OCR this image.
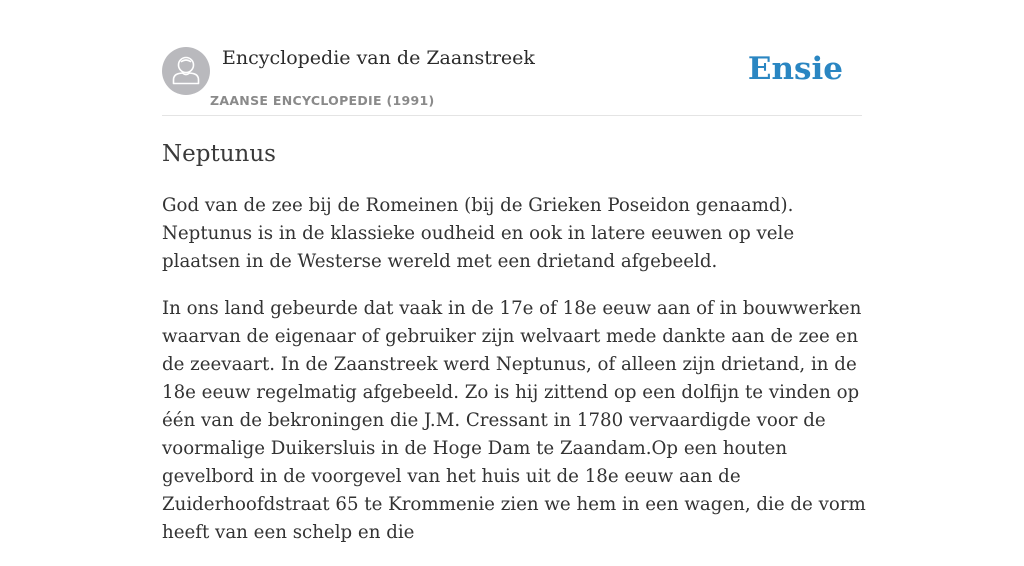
Encyclopedie van de Zaanstreek
ZAANSE ENCYCLOPEDIE (1991)
Ensie
Neptunus

God van de zee bij de Romeinen (bij de Grieken Poseidon genaamd). Neptunus is in de klassieke oudheid en ook in latere eeuwen op vele plaatsen in de Westerse wereld met een drietand afgebeeld.

In ons land gebeurde dat vaak in de 17e of 18e eeuw aan of in bouwwerken waarvan de eigenaar of gebruiker zijn welvaart mede dankte aan de zee en de zeevaart. In de Zaanstreek werd Neptunus, of alleen zijn drietand, in de 18e eeuw regelmatig afgebeeld. Zo is hij zittend op een dolfijn te vinden op één van de bekroningen die J.M. Cressant in 1780 vervaardigde voor de voormalige Duikersluis in de Hoge Dam te Zaandam.Op een houten gevelbord in de voorgevel van het huis uit de 18e eeuw aan de Zuiderhoofdstraat 65 te Krommenie zien we hem in een wagen, die de vorm heeft van een schelp en die
